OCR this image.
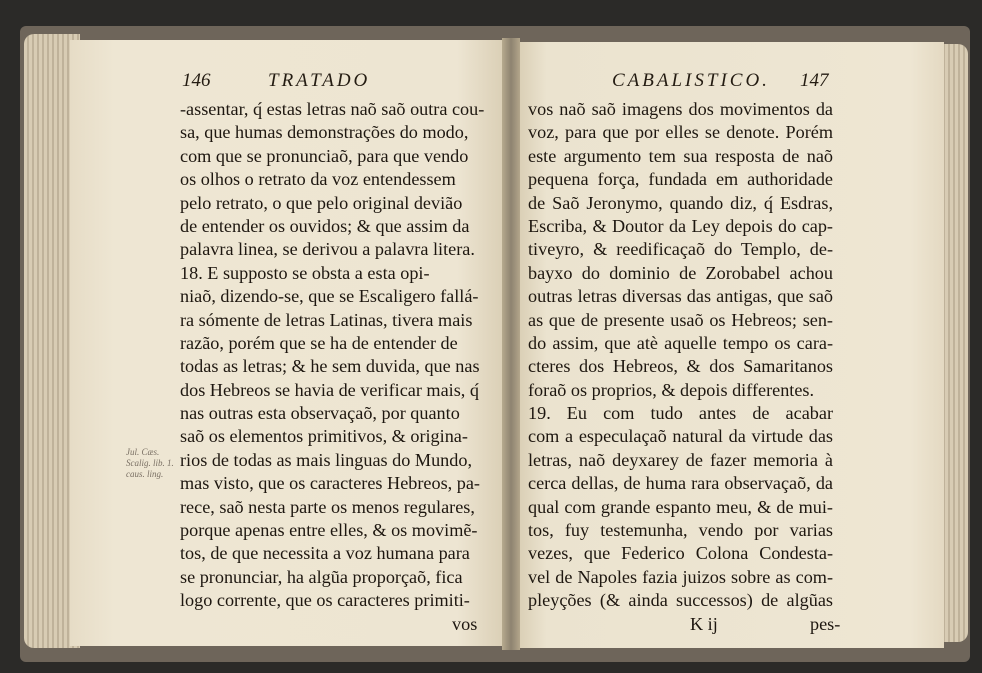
146	TRATADO
Jul. Cæs. Scalig. lib. 1. caus. ling.
-assentar, q́ estas letras naõ saõ outra cou-
sa, que humas demonstrações do modo,
com que se pronunciaõ, para que vendo
os olhos o retrato da voz entendessem
pelo retrato, o que pelo original devião
de entender os ouvidos; & que assim da
palavra linea, se derivou a palavra litera.
18. E supposto se obsta a esta opi-
niaõ, dizendo-se, que se Escaligero fallá-
ra sómente de letras Latinas, tivera mais
razão, porém que se ha de entender de
todas as letras; & he sem duvida, que nas
dos Hebreos se havia de verificar mais, q́
nas outras esta observaçaõ, por quanto
saõ os elementos primitivos, & origina-
rios de todas as mais linguas do Mundo,
mas visto, que os caracteres Hebreos, pa-
rece, saõ nesta parte os menos regulares,
porque apenas entre elles, & os movimẽ-
tos, de que necessita a voz humana para
se pronunciar, ha algũa proporçaõ, fica
logo corrente, que os caracteres primiti-
vos
CABALISTICO. 147
vos naõ saõ imagens dos movimentos da
voz, para que por elles se denote. Porém
este argumento tem sua resposta de naõ
pequena força, fundada em authoridade
de Saõ Jeronymo, quando diz, q́ Esdras,
Escriba, & Doutor da Ley depois do cap-
tiveyro, & reedificaçaõ do Templo, de-
bayxo do dominio de Zorobabel achou
outras letras diversas das antigas, que saõ
as que de presente usaõ os Hebreos; sen-
do assim, que atè aquelle tempo os cara-
cteres dos Hebreos, & dos Samaritanos
foraõ os proprios, & depois differentes.
19. Eu com tudo antes de acabar
com a especulaçaõ natural da virtude das
letras, naõ deyxarey de fazer memoria à
cerca dellas, de huma rara observaçaõ, da
qual com grande espanto meu, & de mui-
tos, fuy testemunha, vendo por varias
vezes, que Federico Colona Condesta-
vel de Napoles fazia juizos sobre as com-
pleyções (& ainda successos) de algũas
K ij	pes-
